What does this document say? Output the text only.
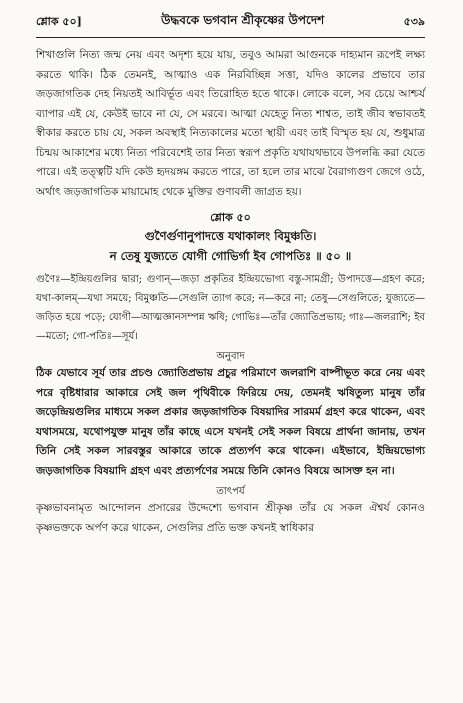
শ্লোক ৫০]	উদ্ধবকে ভগবান শ্রীকৃষ্ণের উপদেশ	৫৩৯

শিখাগুলি নিত্য জন্ম নেয় এবং অদৃশ্য হয়ে যায়, তবুও আমরা আগুনকে দাহ্যমান রূপেই লক্ষ্য করতে থাকি। ঠিক তেমনই, আত্মাও এক নিরবিচ্ছিন্ন সত্তা, যদিও কালের প্রভাবে তার জড়জাগতিক দেহ নিয়তই আবির্ভূত এবং তিরোহিত হতে থাকে। লোকে বলে, সব চেয়ে আশ্চর্য ব্যাপার এই যে, কেউই ভাবে না যে, সে মরবে। আত্মা যেহেতু নিত্য শাশ্বত, তাই জীব স্বভাবতই স্বীকার করতে চায় যে, সকল অবস্থাই নিত্যকালের মতো স্থায়ী এবং তাই বিস্মৃত হয় যে, শুধুমাত্র চিন্ময় আকাশের মধ্যে নিত্য পরিবেশেই তার নিত্য স্বরূপ প্রকৃতি যথাযথভাবে উপলব্ধি করা যেতে পারে। এই তত্ত্বটি যদি কেউ হৃদয়ঙ্গম করতে পারে, তা হলে তার মাঝে বৈরাগ্যগুণ জেগে ওঠে, অর্থাৎ জড়জাগতিক মায়ামোহ থেকে মুক্তির গুণাবলী জাগ্রত হয়।

শ্লোক ৫০
গুণৈর্গুণানুপাদত্তে যথাকালং বিমুঞ্চতি।
ন তেষু যুজ্যতে যোগী গোভির্গা ইব গোপতিঃ ॥ ৫০ ॥

গুণৈঃ—ইন্দ্রিয়গুলির দ্বারা; গুণান্—জড়া প্রকৃতির ইন্দ্রিয়ভোগ্য বস্তু-সামগ্রী; উপাদত্তে—গ্রহণ করে; যথা-কালম্—যথা সময়ে; বিমুঞ্চতি—সেগুলি ত্যাগ করে; ন—করে না; তেষু—সেগুলিতে; যুজ্যতে—জড়িত হয়ে পড়ে; যোগী—আত্মজ্ঞানসম্পন্ন ঋষি; গোভিঃ—তাঁর জ্যোতিপ্রভায়; গাঃ—জলরাশি; ইব—মতো; গো-পতিঃ—সূর্য।

অনুবাদ

ঠিক যেভাবে সূর্য তার প্রচণ্ড জ্যোতিপ্রভায় প্রচুর পরিমাণে জলরাশি বাষ্পীভূত করে নেয় এবং পরে বৃষ্টিধারার আকারে সেই জল পৃথিবীকে ফিরিয়ে দেয়, তেমনই ঋষিতুল্য মানুষ তাঁর জড়েন্দ্রিয়গুলির মাধ্যমে সকল প্রকার জড়জাগতিক বিষয়াদির সারমর্ম গ্রহণ করে থাকেন, এবং যথাসময়ে, যথোপযুক্ত মানুষ তাঁর কাছে এসে যখনই সেই সকল বিষয়ে প্রার্থনা জানায়, তখন তিনি সেই সকল সারবস্তুর আকারে তাকে প্রত্যর্পণ করে থাকেন। এইভাবে, ইন্দ্রিয়ভোগ্য জড়জাগতিক বিষয়াদি গ্রহণ এবং প্রত্যর্পণের সময়ে তিনি কোনও বিষয়ে আসক্ত হন না।

তাৎপর্য

কৃষ্ণভাবনামৃত আন্দোলন প্রসারের উদ্দেশ্যে ভগবান শ্রীকৃষ্ণ তাঁর যে সকল ঐশ্বর্য কোনও কৃষ্ণভক্তকে অর্পণ করে থাকেন, সেগুলির প্রতি ভক্ত কখনই স্বাধিকার
